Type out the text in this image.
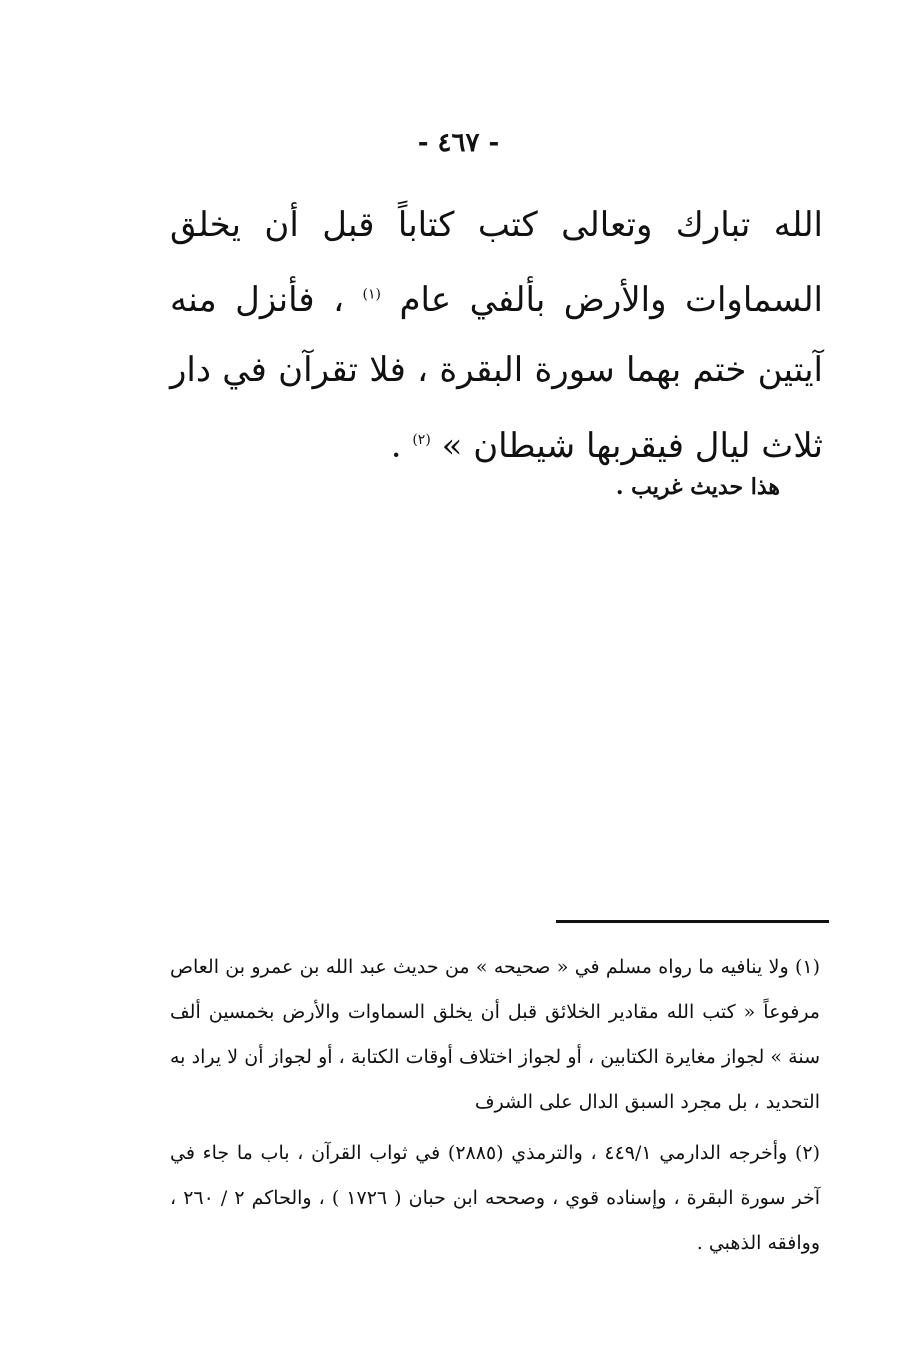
- ٤٦٧ -
الله تبارك وتعالى كتب كتاباً قبل أن يخلق السماوات والأرض بألفي عام $^{(١)}$ ، فأنزل منه آيتين ختم بهما سورة البقرة ، فلا تقرآن في دار ثلاث ليال فيقربها شيطان » $^{(٢)}$ .
هذا حديث غريب .

(١) ولا ينافيه ما رواه مسلم في « صحيحه » من حديث عبد الله بن عمرو بن العاص مرفوعاً « كتب الله مقادير الخلائق قبل أن يخلق السماوات والأرض بخمسين ألف سنة » لجواز مغايرة الكتابين ، أو لجواز اختلاف أوقات الكتابة ، أو لجواز أن لا يراد به التحديد ، بل مجرد السبق الدال على الشرف

(٢) وأخرجه الدارمي ٤٤٩/١ ، والترمذي (٢٨٨٥) في ثواب القرآن ، باب ما جاء في آخر سورة البقرة ، وإسناده قوي ، وصححه ابن حبان ( ١٧٢٦ ) ، والحاكم ٢ / ٢٦٠ ، ووافقه الذهبي .
